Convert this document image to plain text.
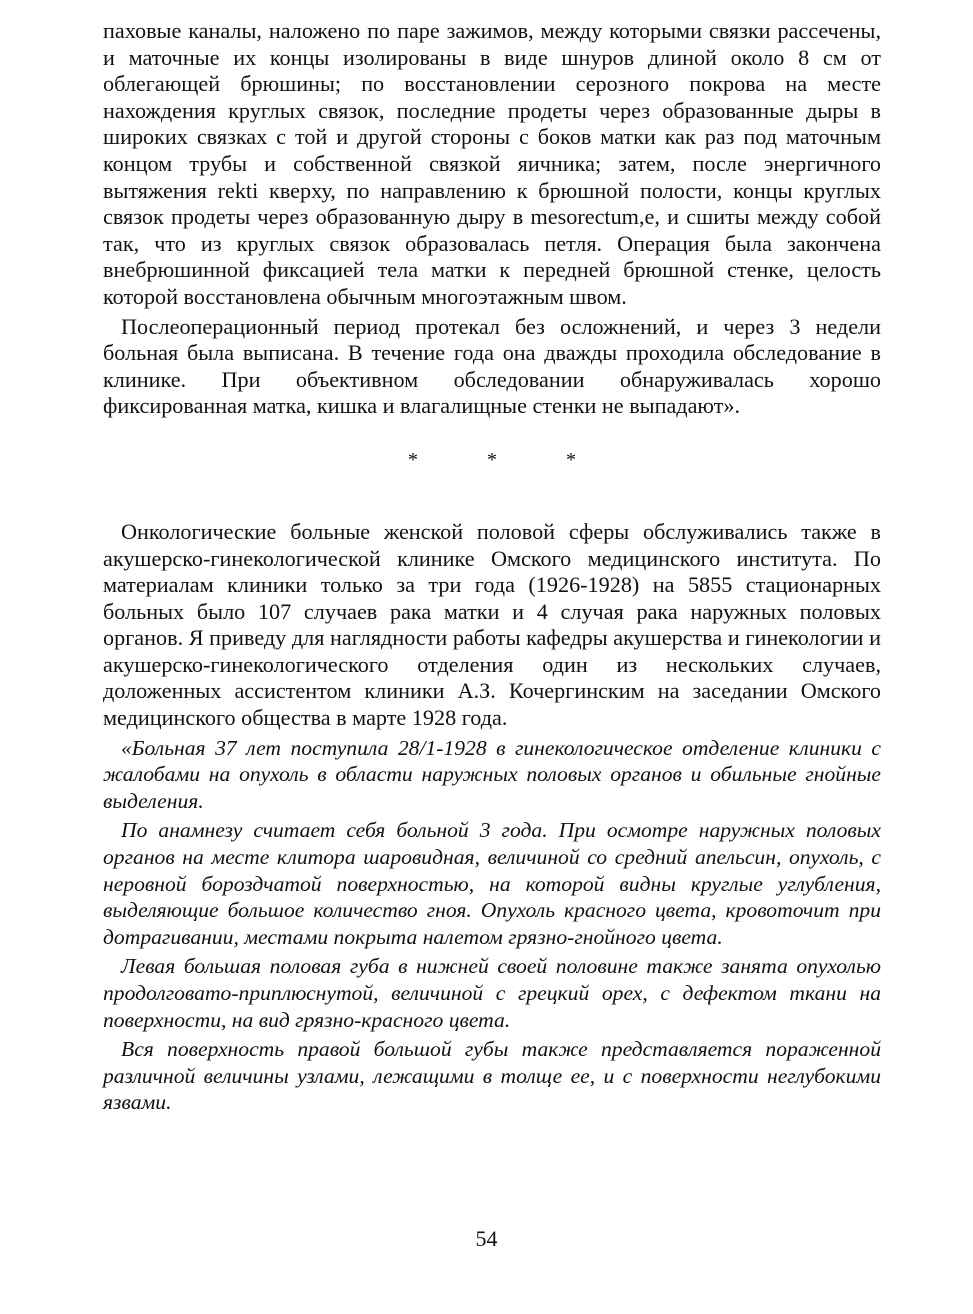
паховые каналы, наложено по паре зажимов, между которыми связки рассечены, и маточные их концы изолированы в виде шнуров длиной около 8 см от облегающей брюшины; по восстановлении серозного покрова на месте нахождения круглых связок, последние продеты через образованные дыры в широких связках с той и другой стороны с боков матки как раз под маточным концом трубы и собственной связкой яичника; затем, после энергичного вытяжения rekti кверху, по направлению к брюшной полости, концы круглых связок продеты через образованную дыру в mesorectum,e, и сшиты между собой так, что из круглых связок образовалась петля. Операция была закончена внебрюшинной фиксацией тела матки к передней брюшной стенке, целость которой восстановлена обычным многоэтажным швом.

Послеоперационный период протекал без осложнений, и через 3 недели больная была выписана. В течение года она дважды проходила обследование в клинике. При объективном обследовании обнаруживалась хорошо фиксированная матка, кишка и влагалищные стенки не выпадают».

* * *

Онкологические больные женской половой сферы обслуживались также в акушерско-гинекологической клинике Омского медицинского института. По материалам клиники только за три года (1926-1928) на 5855 стационарных больных было 107 случаев рака матки и 4 случая рака наружных половых органов. Я приведу для наглядности работы кафедры акушерства и гинекологии и акушерско-гинекологического отделения один из нескольких случаев, доложенных ассистентом клиники А.З. Кочергинским на заседании Омского медицинского общества в марте 1928 года.

«Больная 37 лет поступила 28/1-1928 в гинекологическое отделение клиники с жалобами на опухоль в области наружных половых органов и обильные гнойные выделения.

По анамнезу считает себя больной 3 года. При осмотре наружных половых органов на месте клитора шаровидная, величиной со средний апельсин, опухоль, с неровной бороздчатой поверхностью, на которой видны круглые углубления, выделяющие большое количество гноя. Опухоль красного цвета, кровоточит при дотрагивании, местами покрыта налетом грязно-гнойного цвета.

Левая большая половая губа в нижней своей половине также занята опухолью продолговато-приплюснутой, величиной с грецкий орех, с дефектом ткани на поверхности, на вид грязно-красного цвета.

Вся поверхность правой большой губы также представляется пораженной различной величины узлами, лежащими в толще ее, и с поверхности неглубокими язвами.

54
